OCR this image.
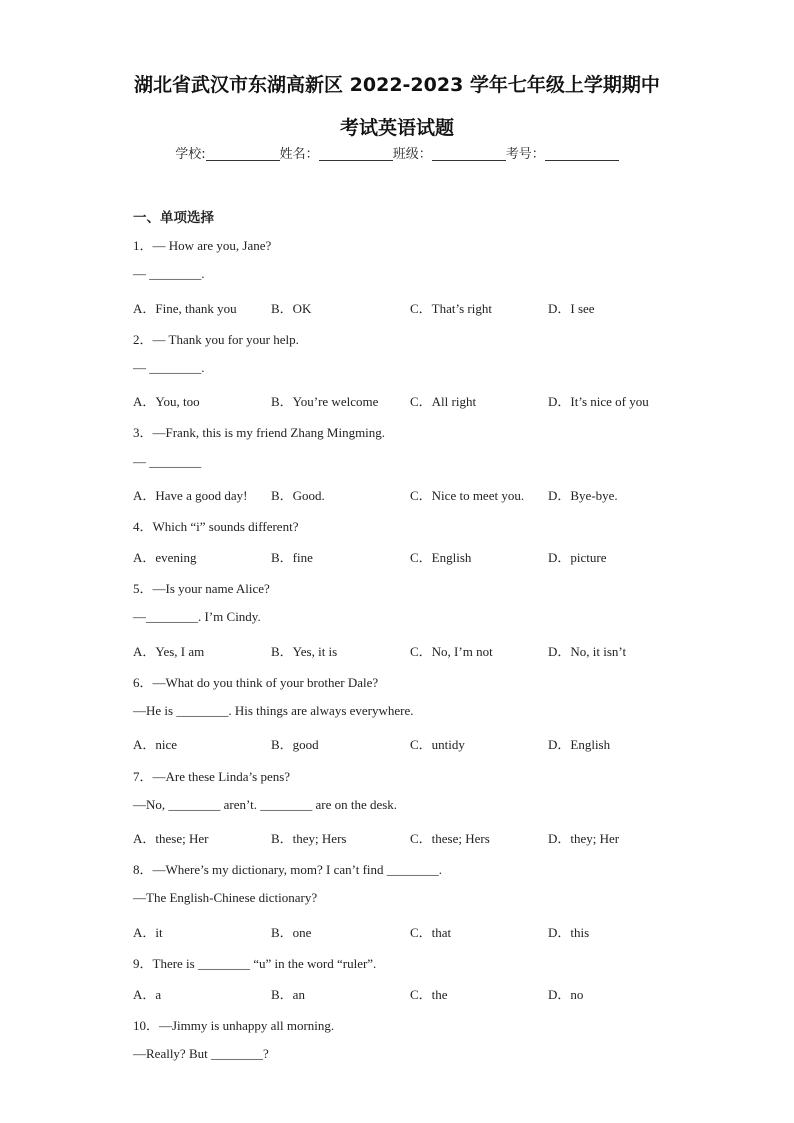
湖北省武汉市东湖高新区 2022-2023 学年七年级上学期期中
考试英语试题
学校:	姓名：	班级：	考号：
一、单项选择
1．— How are you, Jane?
— ________.
A．Fine, thank you	B．OK	C．That’s right	D．I see
2．— Thank you for your help.
— ________.
A．You, too	B．You’re welcome C．All right	D．It’s nice of you
3．—Frank, this is my friend Zhang Mingming.
— ________
A．Have a good day! B．Good.	C．Nice to meet you. D．Bye-bye.
4．Which “i” sounds different?
A．evening	B．fine	C．English	D．picture
5．—Is your name Alice?
—________. I’m Cindy.
A．Yes, I am	B．Yes, it is	C．No, I’m not	D．No, it isn’t
6．—What do you think of your brother Dale?
—He is ________. His things are always everywhere.
A．nice	B．good	C．untidy	D．English
7．—Are these Linda’s pens?
—No, ________ aren’t. ________ are on the desk.
A．these; Her	B．they; Hers	C．these; Hers	D．they; Her
8．—Where’s my dictionary, mom? I can’t find ________.
—The English-Chinese dictionary?
A．it	B．one	C．that	D．this
9．There is ________ “u” in the word “ruler”.
A．a	B．an	C．the	D．no
10．—Jimmy is unhappy all morning.
—Really? But ________?
